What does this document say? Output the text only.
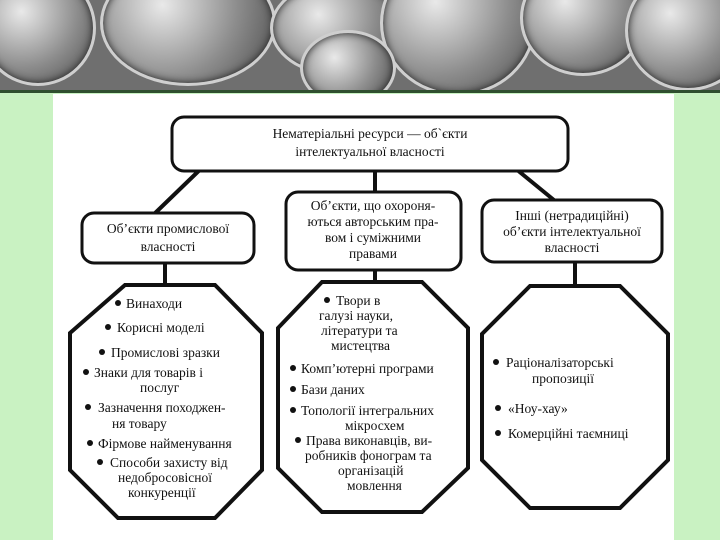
Нематеріальні ресурси — об`єкти
інтелектуальної власності
Об’єкти промислової
власності
Об’єкти, що охороня-
ються авторським пра-
вом і суміжними
правами
Інші (нетрадиційні)
об’єкти інтелектуальної
власності
Винаходи
Корисні моделі
Промислові зразки
Знаки для товарів і
послуг
Зазначення походжен-
ня товару
Фірмове найменування
Способи захисту від
недобросовісної
конкуренції
Твори в
галузі науки,
літератури та
мистецтва
Комп’ютерні програми
Бази даних
Топології інтегральних
мікросхем
Права виконавців, ви-
робників фонограм та
організацій
мовлення
Раціоналізаторські
пропозиції
«Ноу-хау»
Комерційні таємниці
